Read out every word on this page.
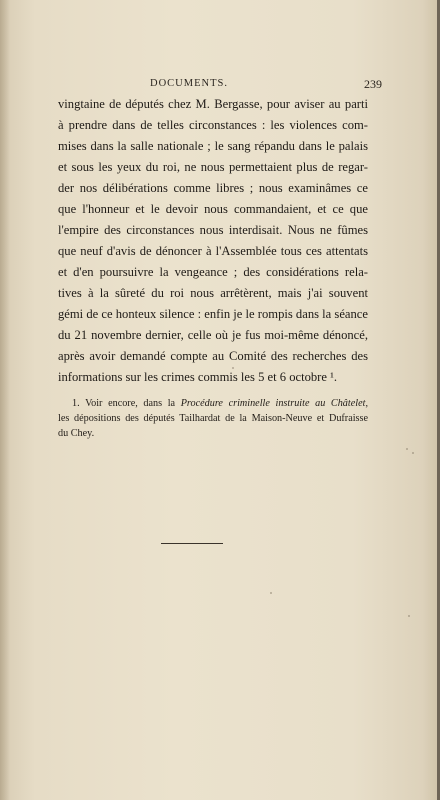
DOCUMENTS.	239
vingtaine de députés chez M. Bergasse, pour aviser au parti
à prendre dans de telles circonstances : les violences com-
mises dans la salle nationale ; le sang répandu dans le palais
et sous les yeux du roi, ne nous permettaient plus de regar-
der nos délibérations comme libres ; nous examinâmes ce
que l'honneur et le devoir nous commandaient, et ce que
l'empire des circonstances nous interdisait. Nous ne fûmes
que neuf d'avis de dénoncer à l'Assemblée tous ces attentats
et d'en poursuivre la vengeance ; des considérations rela-
tives à la sûreté du roi nous arrêtèrent, mais j'ai souvent
gémi de ce honteux silence : enfin je le rompis dans la séance
du 21 novembre dernier, celle où je fus moi-même dénoncé,
après avoir demandé compte au Comité des recherches des
informations sur les crimes commis les 5 et 6 octobre ¹.
1. Voir encore, dans la Procédure criminelle instruite au Châtelet,
les dépositions des députés Tailhardat de la Maison-Neuve et Dufraisse
du Chey.
